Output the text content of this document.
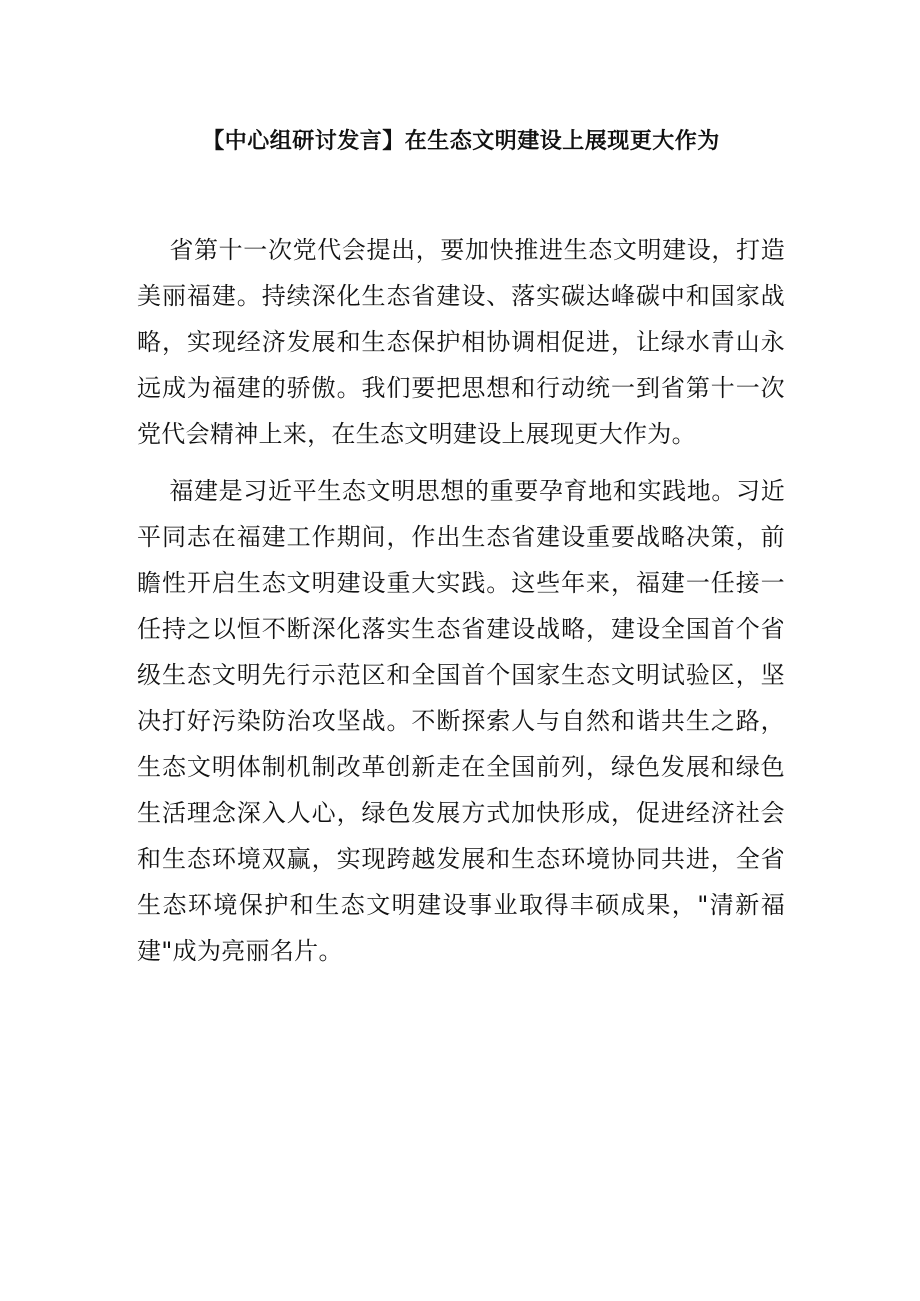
【中心组研讨发言】在生态文明建设上展现更大作为

省第十一次党代会提出，要加快推进生态文明建设，打造美丽福建。持续深化生态省建设、落实碳达峰碳中和国家战略，实现经济发展和生态保护相协调相促进，让绿水青山永远成为福建的骄傲。我们要把思想和行动统一到省第十一次党代会精神上来，在生态文明建设上展现更大作为。

福建是习近平生态文明思想的重要孕育地和实践地。习近平同志在福建工作期间，作出生态省建设重要战略决策，前瞻性开启生态文明建设重大实践。这些年来，福建一任接一任持之以恒不断深化落实生态省建设战略，建设全国首个省级生态文明先行示范区和全国首个国家生态文明试验区，坚决打好污染防治攻坚战。不断探索人与自然和谐共生之路，生态文明体制机制改革创新走在全国前列，绿色发展和绿色生活理念深入人心，绿色发展方式加快形成，促进经济社会和生态环境双赢，实现跨越发展和生态环境协同共进，全省生态环境保护和生态文明建设事业取得丰硕成果，"清新福建"成为亮丽名片。
